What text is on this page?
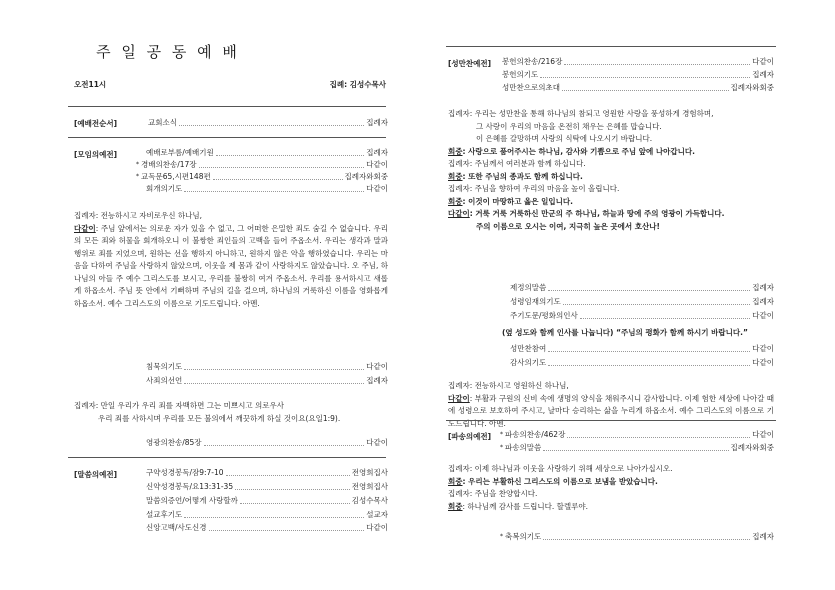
주 일 공 동 예 배
오전11시	집례: 김성수목사
[예배전순서]	교회소식	집례자
[모임의예전]	예배로부름/예배기원	집례자
* 경배의찬송/17장	다같이
* 교독문65,시편148편	집례자와회중
회개의기도	다같이

집례자: 전능하시고 자비로우신 하나님,

다같이: 주님 앞에서는 의로운 자가 있을 수 없고, 그 어떠한 은밀한 죄도 숨길 수 없습니다. 우리의 모든 죄와 허물을 회개하오니 이 불쌍한 죄인들의 고백을 들어 주옵소서. 우리는 생각과 말과 행위로 죄를 지었으며, 원하는 선을 행하지 아니하고, 원하지 않은 악을 행하였습니다. 우리는 마음을 다하여 주님을 사랑하지 않았으며, 이웃을 제 몸과 같이 사랑하지도 않았습니다. 오 주님, 하나님의 아들 주 예수 그리스도를 보시고, 우리를 불쌍히 여겨 주옵소서. 우리를 용서하시고 새롭게 하옵소서. 주님 뜻 안에서 기뻐하며 주님의 길을 걸으며, 하나님의 거룩하신 이름을 영화롭게 하옵소서. 예수 그리스도의 이름으로 기도드립니다. 아멘.

침묵의기도	다같이
사죄의선언	집례자

집례자: 만일 우리가 우리 죄를 자백하면 그는 미쁘시고 의로우사

우리 죄를 사하시며 우리를 모든 불의에서 깨끗하게 하실 것이요(요일1:9).

영광의찬송/85장	다같이
[말씀의예전]	구약성경봉독/잠9:7-10	전영희집사
신약성경봉독/요13:31-35	전영희집사
말씀의증언/어떻게 사랑할까	김성수목사
설교후기도	설교자
신앙고백/사도신경	다같이
[성만찬예전] 봉헌의찬송/216장	다같이
봉헌의기도	집례자
성만찬으로의초대	집례자와회중

집례자: 우리는 성만찬을 통해 하나님의 참되고 영원한 사랑을 풍성하게 경험하며,

그 사랑이 우리의 마음을 온전히 채우는 은혜를 맙습니다.

이 은혜를 갈망하며 사랑의 식탁에 나오시기 바랍니다.

회중: 사랑으로 품어주시는 하나님, 감사와 기쁨으로 주님 앞에 나아갑니다.

집례자: 주님께서 여러분과 함께 하십니다.

회중: 또한 주님의 종과도 함께 하십니다.

집례자: 주님을 향하여 우리의 마음을 높이 올립니다.

회중: 이것이 마땅하고 옳은 일입니다.

다같이: 거룩 거룩 거룩하신 만군의 주 하나님, 하늘과 땅에 주의 영광이 가득합니다.

주의 이름으로 오시는 이여, 지극히 높은 곳에서 호산나!

제정의말씀	집례자
성령임재의기도	집례자
주기도문/평화의인사	다같이
(옆 성도와 함께 인사를 나눕니다) “주님의 평화가 함께 하시기 바랍니다.”
성만찬참여	다같이
감사의기도	다같이

집례자: 전능하시고 영원하신 하나님,

다같이: 부활과 구원의 신비 속에 생명의 양식을 채워주시니 감사합니다. 이제 험한 세상에 나아갈 때에 성령으로 보호하여 주시고, 날마다 승리하는 삶을 누리게 하옵소서. 예수 그리스도의 이름으로 기도드립니다. 아멘.

[파송의예전] * 파송의찬송/462장	다같이
* 파송의말씀	집례자와회중

집례자: 이제 하나님과 이웃을 사랑하기 위해 세상으로 나아가십시오.

회중: 우리는 부활하신 그리스도의 이름으로 보냄을 받았습니다.

집례자: 주님을 찬양합시다.

회중: 하나님께 감사를 드립니다. 할렐루야.

* 축복의기도	집례자
